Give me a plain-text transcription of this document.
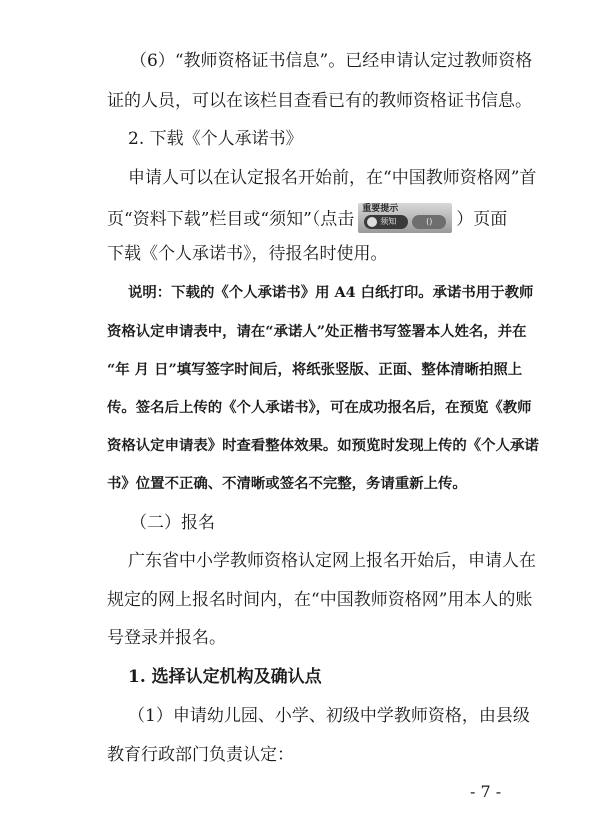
（6）“教师资格证书信息”。已经申请认定过教师资格
证的人员，可以在该栏目查看已有的教师资格证书信息。
2. 下载《个人承诺书》
申请人可以在认定报名开始前，在“中国教师资格网”首
页“资料下载”栏目或“须知”（点击
重要提示
须知	()	）页面
下载《个人承诺书》，待报名时使用。
说明：下载的《个人承诺书》用 A4 白纸打印。承诺书用于教师
资格认定申请表中，请在“承诺人”处正楷书写签署本人姓名，并在
“年 月 日”填写签字时间后，将纸张竖版、正面、整体清晰拍照上
传。签名后上传的《个人承诺书》，可在成功报名后，在预览《教师
资格认定申请表》时查看整体效果。如预览时发现上传的《个人承诺
书》位置不正确、不清晰或签名不完整，务请重新上传。
（二）报名
广东省中小学教师资格认定网上报名开始后，申请人在
规定的网上报名时间内，在“中国教师资格网”用本人的账
号登录并报名。
1. 选择认定机构及确认点
（1）申请幼儿园、小学、初级中学教师资格，由县级
教育行政部门负责认定：
- 7 -
